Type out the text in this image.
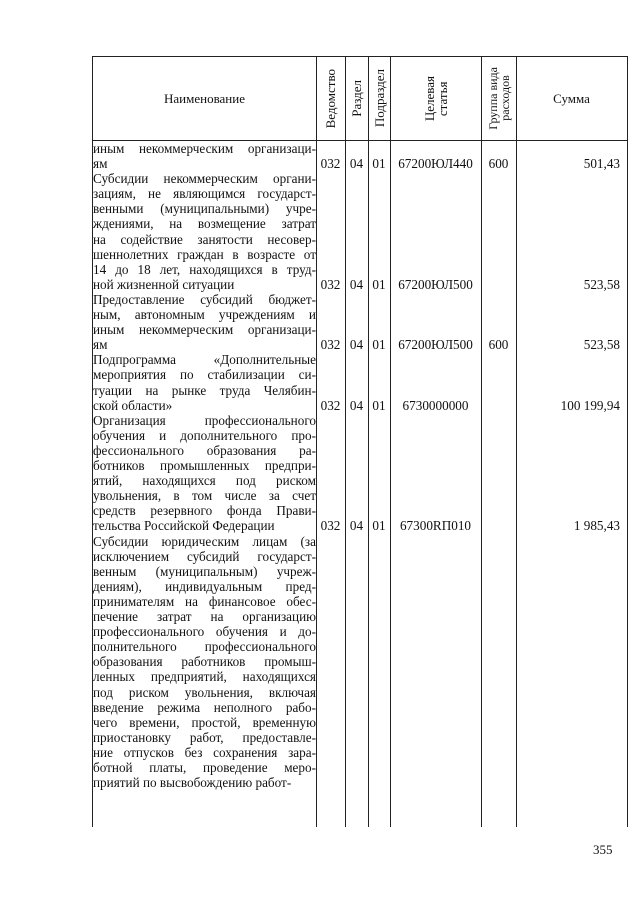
Наименование	Ведомство Раздел Подраздел	Целевая
статья	Группа вида
расходов	Сумма
иным некоммерческим организаци-
ям	032 04 01 67200ЮЛ440	600	501,43
Субсидии некоммерческим органи-
зациям, не являющимся государст-
венными (муниципальными) учре-
ждениями, на возмещение затрат
на содействие занятости несовер-
шеннолетних граждан в возрасте от
14 до 18 лет, находящихся в труд-
ной жизненной ситуации	032 04 01 67200ЮЛ500	523,58
Предоставление субсидий бюджет-
ным, автономным учреждениям и
иным некоммерческим организаци-
ям	032 04 01 67200ЮЛ500	600	523,58
Подпрограмма «Дополнительные
мероприятия по стабилизации си-
туации на рынке труда Челябин-
ской области»	032 04 01	6730000000	100 199,94
Организация профессионального
обучения и дополнительного про-
фессионального образования ра-
ботников промышленных предпри-
ятий, находящихся под риском
увольнения, в том числе за счет
средств резервного фонда Прави-
тельства Российской Федерации	032 04 01	67300RП010	1 985,43
Субсидии юридическим лицам (за
исключением субсидий государст-
венным (муниципальным) учреж-
дениям), индивидуальным пред-
принимателям на финансовое обес-
печение затрат на организацию
профессионального обучения и до-
полнительного профессионального
образования работников промыш-
ленных предприятий, находящихся
под риском увольнения, включая
введение режима неполного рабо-
чего времени, простой, временную
приостановку работ, предоставле-
ние отпусков без сохранения зара-
ботной платы, проведение меро-
приятий по высвобождению работ-
355
